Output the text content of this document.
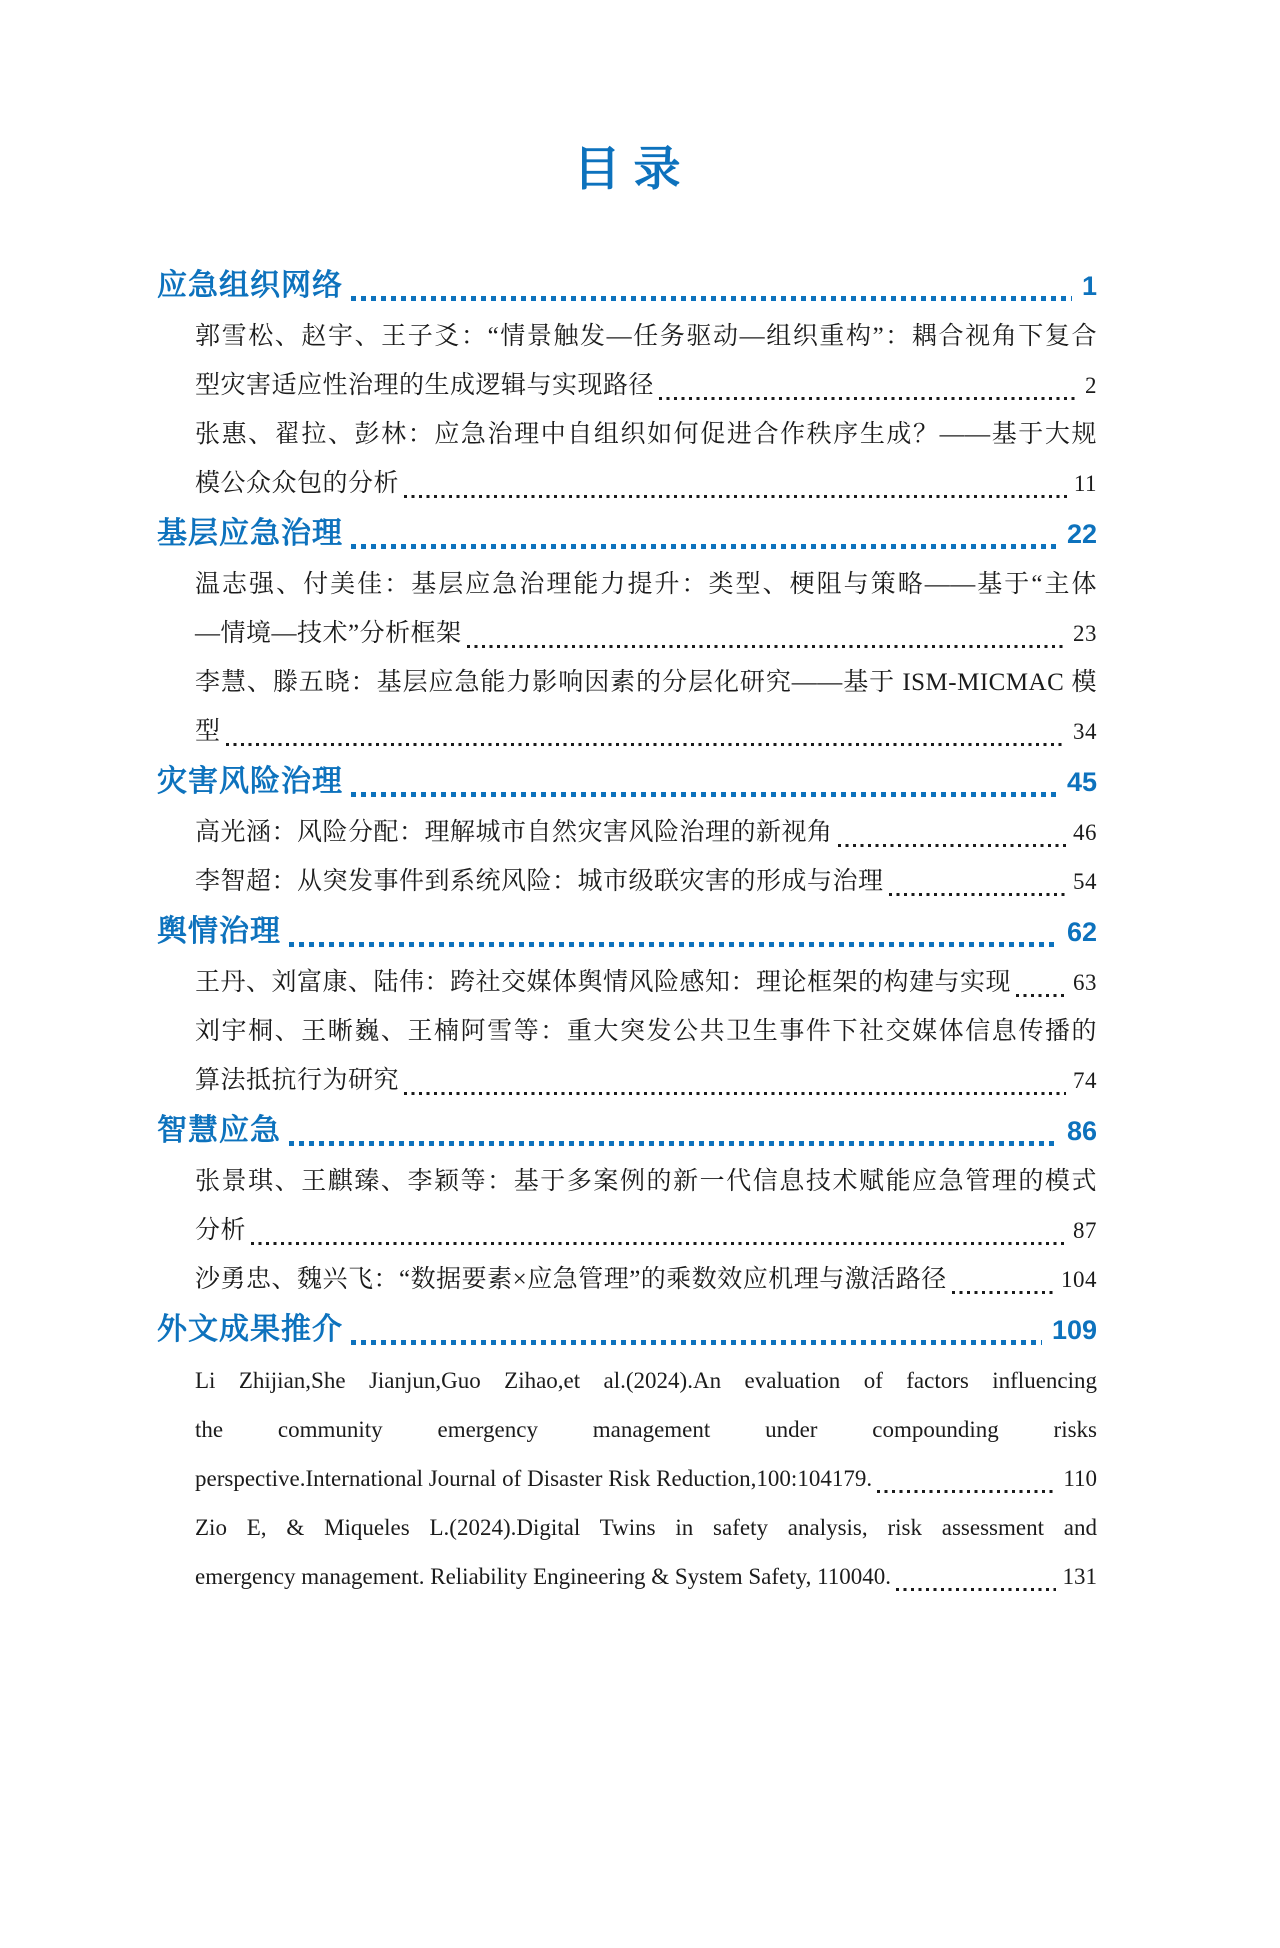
目 录
应急组织网络	1
郭雪松、赵宇、王子爻：“情景触发—任务驱动—组织重构”：耦合视角下复合
型灾害适应性治理的生成逻辑与实现路径	2
张惠、翟拉、彭林：应急治理中自组织如何促进合作秩序生成？——基于大规
模公众众包的分析	11
基层应急治理	22
温志强、付美佳：基层应急治理能力提升：类型、梗阻与策略——基于“主体
—情境—技术”分析框架	23
李慧、滕五晓：基层应急能力影响因素的分层化研究——基于 ISM-MICMAC 模
型	34
灾害风险治理	45
高光涵：风险分配：理解城市自然灾害风险治理的新视角	46
李智超：从突发事件到系统风险：城市级联灾害的形成与治理	54
舆情治理	62
王丹、刘富康、陆伟：跨社交媒体舆情风险感知：理论框架的构建与实现	63
刘宇桐、王晰巍、王楠阿雪等：重大突发公共卫生事件下社交媒体信息传播的
算法抵抗行为研究	74
智慧应急	86
张景琪、王麒臻、李颖等：基于多案例的新一代信息技术赋能应急管理的模式
分析	87
沙勇忠、魏兴飞：“数据要素×应急管理”的乘数效应机理与激活路径	104
外文成果推介	109
Li Zhijian,She Jianjun,Guo Zihao,et al.(2024).An evaluation of factors influencing
the community emergency management under compounding risks
perspective.International Journal of Disaster Risk Reduction,100:104179.	110
Zio E, & Miqueles L.(2024).Digital Twins in safety analysis, risk assessment and
emergency management. Reliability Engineering & System Safety, 110040.	131
